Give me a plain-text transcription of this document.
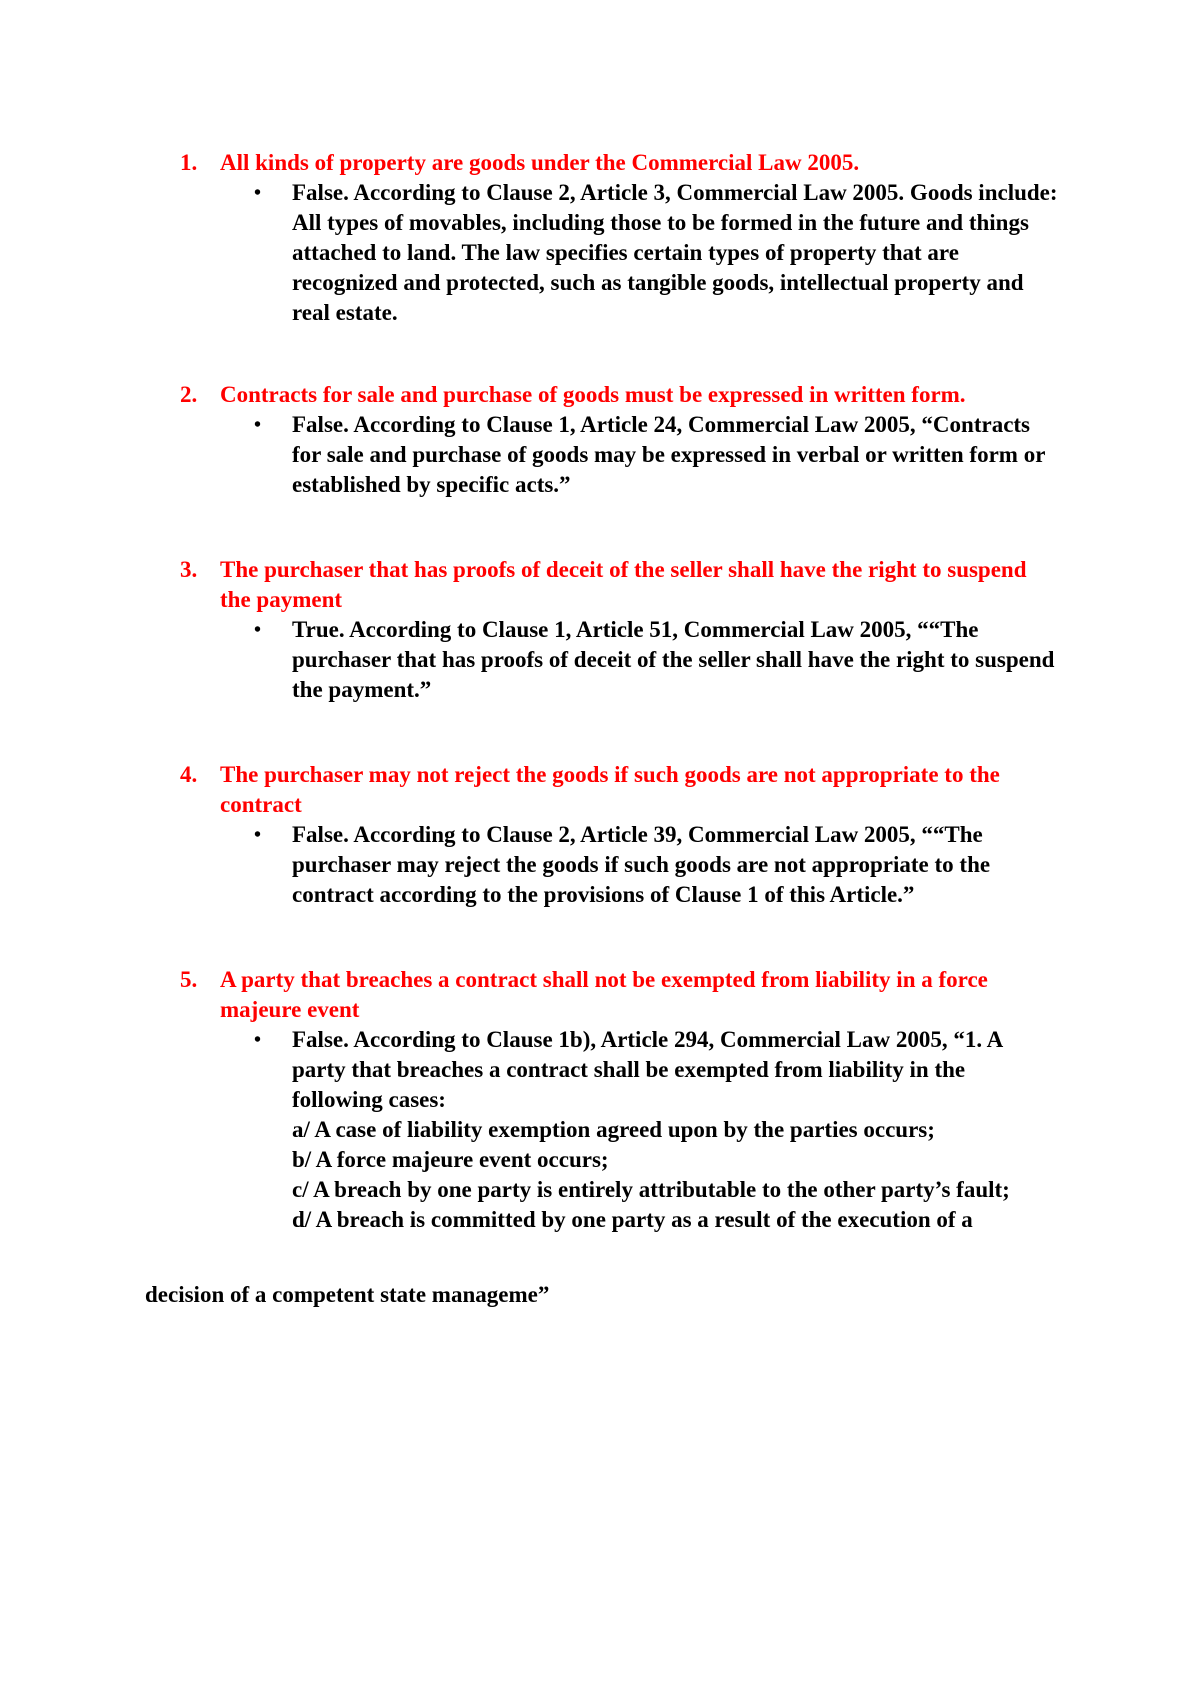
1. All kinds of property are goods under the Commercial Law 2005.
• False. According to Clause 2, Article 3, Commercial Law 2005. Goods include: All types of movables, including those to be formed in the future and things attached to land. The law specifies certain types of property that are recognized and protected, such as tangible goods, intellectual property and real estate.
2. Contracts for sale and purchase of goods must be expressed in written form.
• False. According to Clause 1, Article 24, Commercial Law 2005, “Contracts for sale and purchase of goods may be expressed in verbal or written form or established by specific acts.”
3. The purchaser that has proofs of deceit of the seller shall have the right to suspend the payment
• True. According to Clause 1, Article 51, Commercial Law 2005, ““The purchaser that has proofs of deceit of the seller shall have the right to suspend the payment.”
4. The purchaser may not reject the goods if such goods are not appropriate to the contract
• False. According to Clause 2, Article 39, Commercial Law 2005, ““The purchaser may reject the goods if such goods are not appropriate to the contract according to the provisions of Clause 1 of this Article.”
5. A party that breaches a contract shall not be exempted from liability in a force majeure event
• False. According to Clause 1b), Article 294, Commercial Law 2005, “1. A party that breaches a contract shall be exempted from liability in the following cases:
a/ A case of liability exemption agreed upon by the parties occurs;
b/ A force majeure event occurs;
c/ A breach by one party is entirely attributable to the other party’s fault;
d/ A breach is committed by one party as a result of the execution of a
decision of a competent state manageme”
